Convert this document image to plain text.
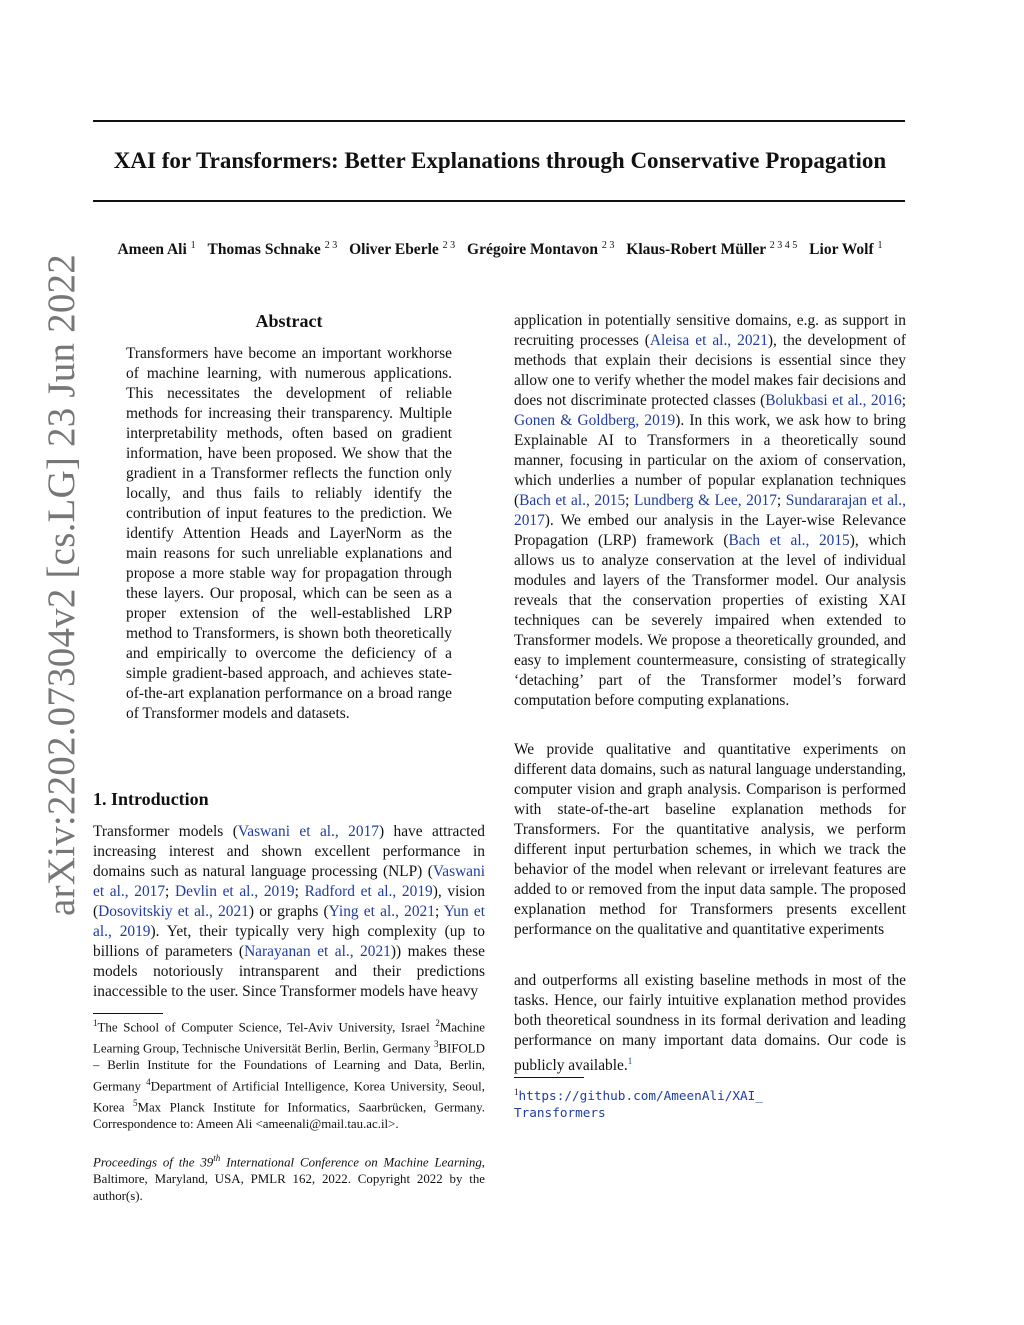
XAI for Transformers: Better Explanations through Conservative Propagation
Ameen Ali $^1$ Thomas Schnake $^{2 3}$ Oliver Eberle $^{2 3}$ Grégoire Montavon $^{2 3}$ Klaus-Robert Müller $^{2 3 4 5}$ Lior Wolf $^1$
arXiv:2202.07304v2 [cs.LG] 23 Jun 2022	Abstract

Transformers have become an important workhorse of machine learning, with numerous applications. This necessitates the development of reliable methods for increasing their transparency. Multiple interpretability methods, often based on gradient information, have been proposed. We show that the gradient in a Transformer reflects the function only locally, and thus fails to reliably identify the contribution of input features to the prediction. We identify Attention Heads and LayerNorm as the main reasons for such unreliable explanations and propose a more stable way for propagation through these layers. Our proposal, which can be seen as a proper extension of the well-established LRP method to Transformers, is shown both theoretically and empirically to overcome the deficiency of a simple gradient-based approach, and achieves state-of-the-art explanation performance on a broad range of Transformer models and datasets.

1. Introduction

Transformer models (Vaswani et al., 2017) have attracted increasing interest and shown excellent performance in domains such as natural language processing (NLP) (Vaswani et al., 2017; Devlin et al., 2019; Radford et al., 2019), vision (Dosovitskiy et al., 2021) or graphs (Ying et al., 2021; Yun et al., 2019). Yet, their typically very high complexity (up to billions of parameters (Narayanan et al., 2021)) makes these models notoriously intransparent and their predictions inaccessible to the user. Since Transformer models have heavy

$^1$The School of Computer Science, Tel-Aviv University, Israel $^2$Machine Learning Group, Technische Universität Berlin, Berlin, Germany $^3$BIFOLD – Berlin Institute for the Foundations of Learning and Data, Berlin, Germany $^4$Department of Artificial Intelligence, Korea University, Seoul, Korea $^5$Max Planck Institute for Informatics, Saarbrücken, Germany. Correspondence to: Ameen Ali <ameenali@mail.tau.ac.il>.

Proceedings of the 39th International Conference on Machine Learning, Baltimore, Maryland, USA, PMLR 162, 2022. Copyright 2022 by the author(s).

application in potentially sensitive domains, e.g. as support in recruiting processes (Aleisa et al., 2021), the development of methods that explain their decisions is essential since they allow one to verify whether the model makes fair decisions and does not discriminate protected classes (Bolukbasi et al., 2016; Gonen & Goldberg, 2019). In this work, we ask how to bring Explainable AI to Transformers in a theoretically sound manner, focusing in particular on the axiom of conservation, which underlies a number of popular explanation techniques (Bach et al., 2015; Lundberg & Lee, 2017; Sundararajan et al., 2017). We embed our analysis in the Layer-wise Relevance Propagation (LRP) framework (Bach et al., 2015), which allows us to analyze conservation at the level of individual modules and layers of the Transformer model. Our analysis reveals that the conservation properties of existing XAI techniques can be severely impaired when extended to Transformer models. We propose a theoretically grounded, and easy to implement countermeasure, consisting of strategically ‘detaching’ part of the Transformer model’s forward computation before computing explanations.

We provide qualitative and quantitative experiments on different data domains, such as natural language understanding, computer vision and graph analysis. Comparison is performed with state-of-the-art baseline explanation methods for Transformers. For the quantitative analysis, we perform different input perturbation schemes, in which we track the behavior of the model when relevant or irrelevant features are added to or removed from the input data sample. The proposed explanation method for Transformers presents excellent performance on the qualitative and quantitative experiments

and outperforms all existing baseline methods in most of the tasks. Hence, our fairly intuitive explanation method provides both theoretical soundness in its formal derivation and leading performance on many important data domains. Our code is publicly available.$^1$

$^1$https://github.com/AmeenAli/XAI_
Transformers
